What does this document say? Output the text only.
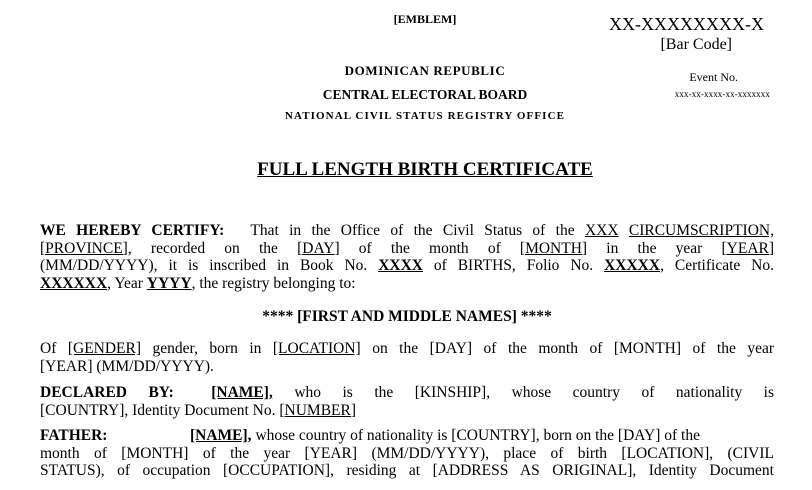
[EMBLEM]	XX-XXXXXXXX-X
[Bar Code]
Event No.
xxx-xx-xxxx-xx-xxxxxxx
DOMINICAN REPUBLIC
CENTRAL ELECTORAL BOARD
NATIONAL CIVIL STATUS REGISTRY OFFICE
FULL LENGTH BIRTH CERTIFICATE
WE HEREBY CERTIFY: That in the Office of the Civil Status of the XXX CIRCUMSCRIPTION,
[PROVINCE], recorded on the [DAY] of the month of [MONTH] in the year [YEAR]
(MM/DD/YYYY), it is inscribed in Book No. XXXX of BIRTHS, Folio No. XXXXX, Certificate No.
XXXXXX, Year YYYY, the registry belonging to:
**** [FIRST AND MIDDLE NAMES] ****
Of [GENDER] gender, born in [LOCATION] on the [DAY] of the month of [MONTH] of the year
[YEAR] (MM/DD/YYYY).
DECLARED BY: [NAME], who is the [KINSHIP], whose country of nationality is
[COUNTRY], Identity Document No. [NUMBER]
FATHER:	[NAME], whose country of nationality is [COUNTRY], born on the [DAY] of the
month of [MONTH] of the year [YEAR] (MM/DD/YYYY), place of birth [LOCATION], (CIVIL
STATUS), of occupation [OCCUPATION], residing at [ADDRESS AS ORIGINAL], Identity Document
